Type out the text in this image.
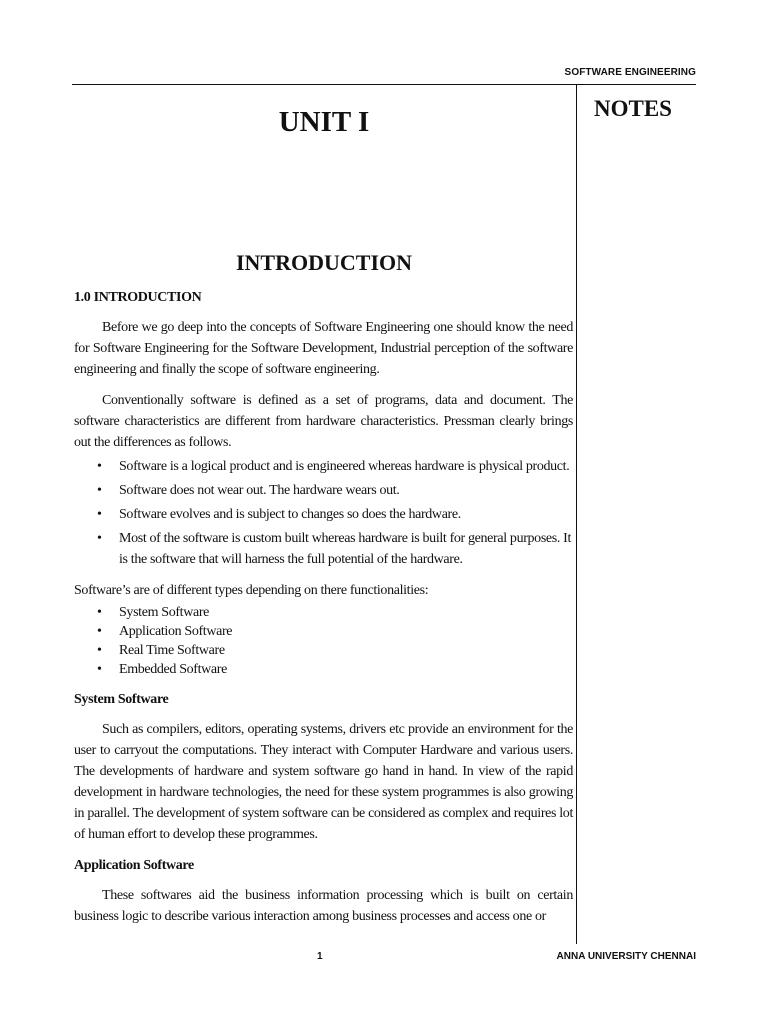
SOFTWARE ENGINEERING
NOTES
UNIT I
INTRODUCTION
1.0 INTRODUCTION

Before we go deep into the concepts of Software Engineering one should know the need for Software Engineering for the Software Development, Industrial perception of the software engineering and finally the scope of software engineering.

Conventionally software is defined as a set of programs, data and document. The software characteristics are different from hardware characteristics. Pressman clearly brings out the differences as follows.

• Software is a logical product and is engineered whereas hardware is physical product.
• Software does not wear out. The hardware wears out.
• Software evolves and is subject to changes so does the hardware.
• Most of the software is custom built whereas hardware is built for general purposes. It is the software that will harness the full potential of the hardware.

Software’s are of different types depending on there functionalities:

• System Software
• Application Software
• Real Time Software
• Embedded Software
System Software

Such as compilers, editors, operating systems, drivers etc provide an environment for the user to carryout the computations. They interact with Computer Hardware and various users. The developments of hardware and system software go hand in hand. In view of the rapid development in hardware technologies, the need for these system programmes is also growing in parallel. The development of system software can be considered as complex and requires lot of human effort to develop these programmes.

Application Software

These softwares aid the business information processing which is built on certain business logic to describe various interaction among business processes and access one or

1	ANNA UNIVERSITY CHENNAI
